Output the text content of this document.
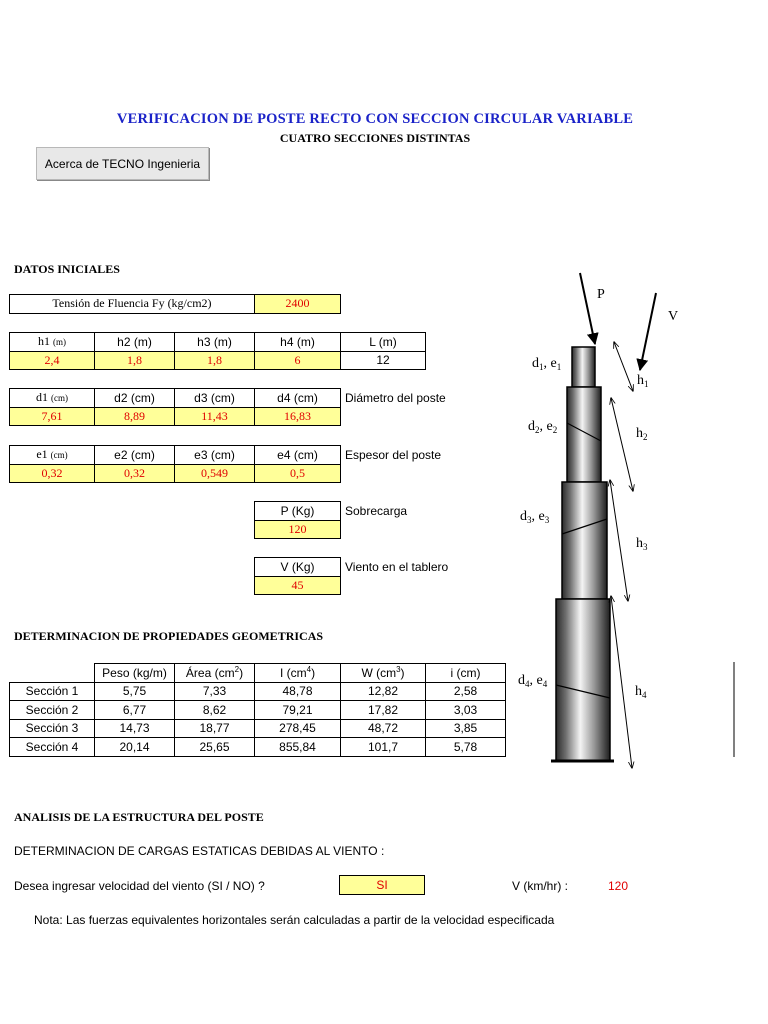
VERIFICACION DE POSTE RECTO CON SECCION CIRCULAR VARIABLE
CUATRO SECCIONES DISTINTAS
Acerca de TECNO Ingenieria
DATOS INICIALES
Tensión de Fluencia Fy (kg/cm2)	2400
h1 (m)	h2 (m)	h3 (m)	h4 (m)	L (m)
2,4	1,8	1,8	6	12
d1 (cm)	d2 (cm)	d3 (cm)	d4 (cm)
7,61	8,89	11,43	16,83
Diámetro del poste
e1 (cm)	e2 (cm)	e3 (cm)	e4 (cm)
0,32	0,32	0,549	0,5
Espesor del poste
P (Kg)
120
Sobrecarga
V (Kg)
45
Viento en el tablero
DETERMINACION DE PROPIEDADES GEOMETRICAS
	Peso (kg/m)	Área $(cm^2)$	I $(cm^4)$	W $(cm^3)$	i (cm)
Sección 1	5,75	7,33	48,78	12,82	2,58
Sección 2	6,77	8,62	79,21	17,82	3,03
Sección 3	14,73	18,77	278,45	48,72	3,85
Sección 4	20,14	25,65	855,84	101,7	5,78
ANALISIS DE LA ESTRUCTURA DEL POSTE
DETERMINACION DE CARGAS ESTATICAS DEBIDAS AL VIENTO :
Desea ingresar velocidad del viento (SI / NO) ?	SI	V (km/hr) :	120
Nota: Las fuerzas equivalentes horizontales serán calculadas a partir de la velocidad especificada
P
V
$h_1$
$h_2$
$h_3$
$h_4$
$d_1$, $e_1$
$d_2$, $e_2$
$d_3$, $e_3$
$d_4$, $e_4$
